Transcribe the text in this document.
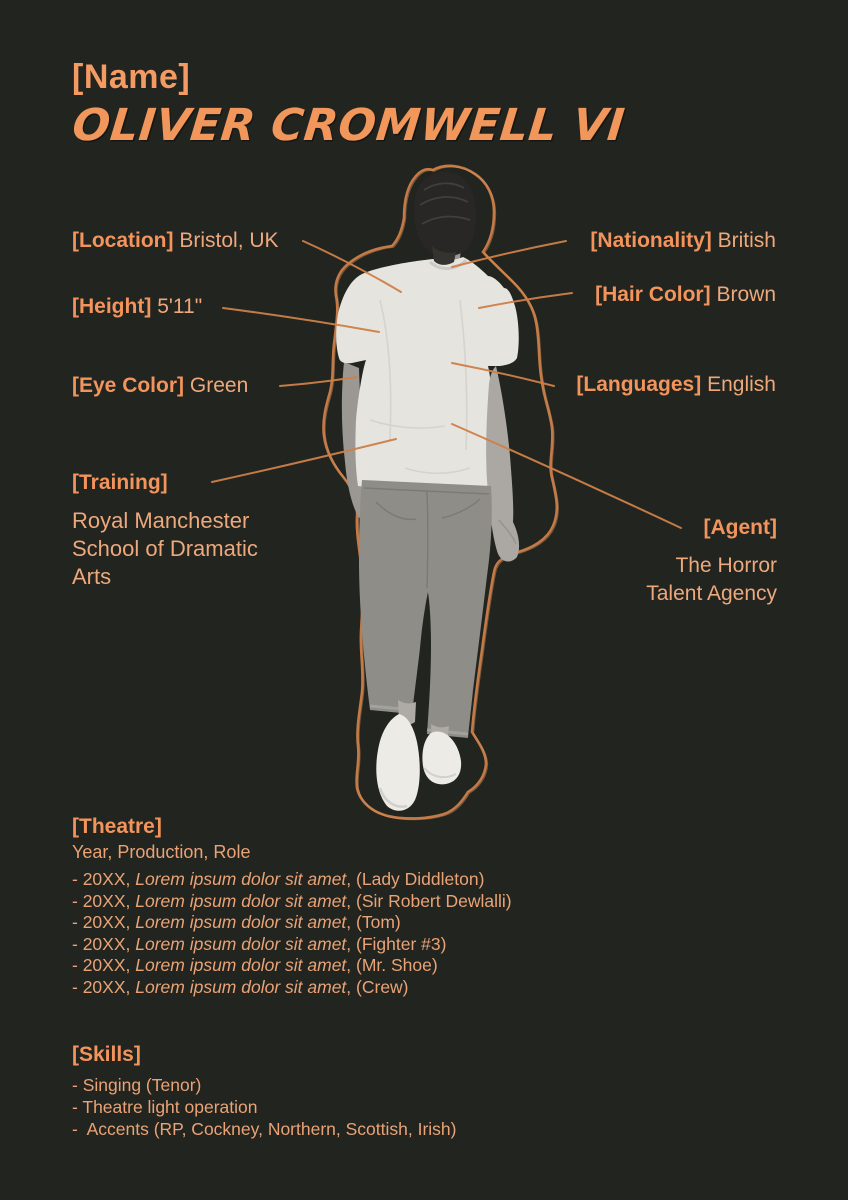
[Name]
OLIVER CROMWELL VI
[Location] Bristol, UK
[Height] 5'11"
[Eye Color] Green
[Nationality] British
[Hair Color] Brown
[Languages] English
[Training]
Royal Manchester School of Dramatic Arts
[Agent]
The Horror Talent Agency
[Theatre]
Year, Production, Role
- 20XX, Lorem ipsum dolor sit amet, (Lady Diddleton)
- 20XX, Lorem ipsum dolor sit amet, (Sir Robert Dewlalli)
- 20XX, Lorem ipsum dolor sit amet, (Tom)
- 20XX, Lorem ipsum dolor sit amet, (Fighter #3)
- 20XX, Lorem ipsum dolor sit amet, (Mr. Shoe)
- 20XX, Lorem ipsum dolor sit amet, (Crew)
[Skills]
- Singing (Tenor)
- Theatre light operation
-  Accents (RP, Cockney, Northern, Scottish, Irish)
